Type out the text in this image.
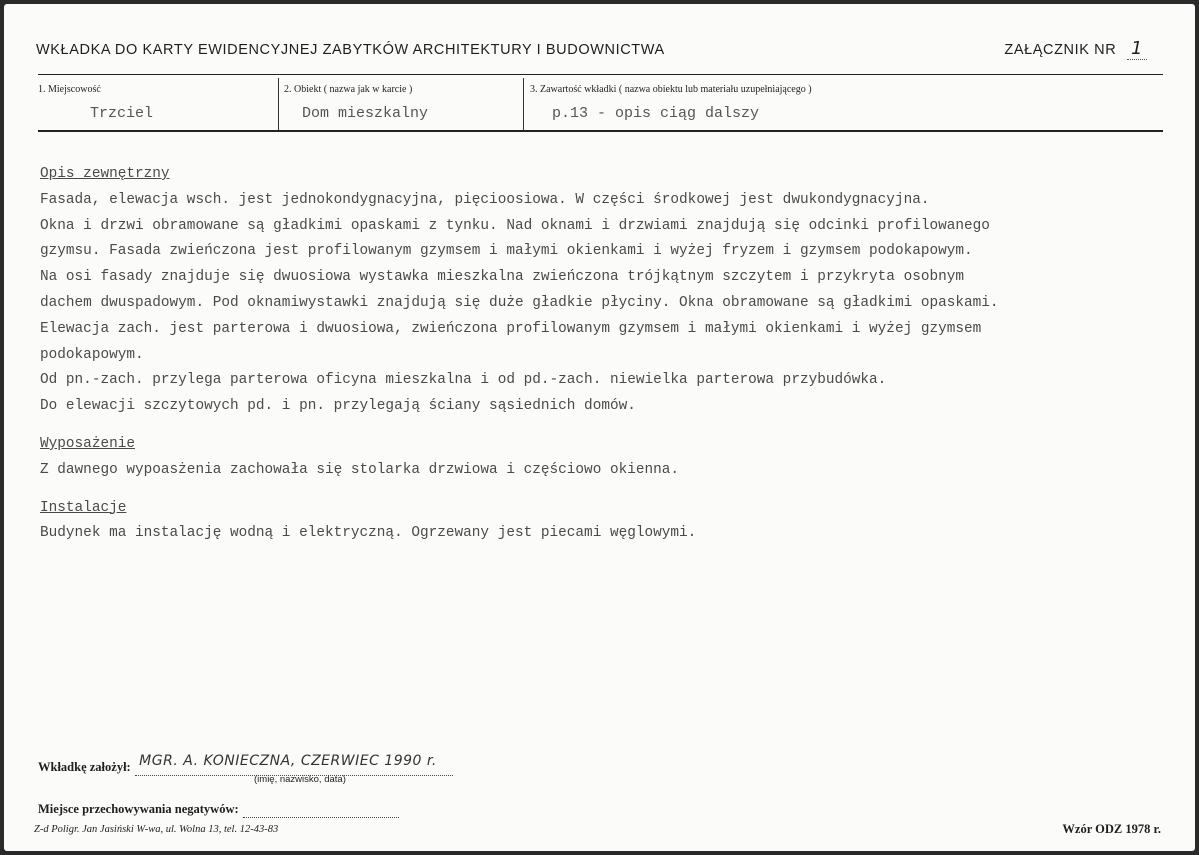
WKŁADKA DO KARTY EWIDENCYJNEJ ZABYTKÓW ARCHITEKTURY I BUDOWNICTWA	ZAŁĄCZNIK NR 1
1. Miejscowość
Trzciel
2. Obiekt ( nazwa jak w karcie )
Dom mieszkalny
3. Zawartość wkładki ( nazwa obiektu lub materiału uzupełniającego )
p.13 - opis ciąg dalszy
Opis zewnętrzny
Fasada, elewacja wsch. jest jednokondygnacyjna, pięcioosiowa. W części środkowej jest dwukondygnacyjna.
Okna i drzwi obramowane są gładkimi opaskami z tynku. Nad oknami i drzwiami znajdują się odcinki profilowanego
gzymsu. Fasada zwieńczona jest profilowanym gzymsem i małymi okienkami i wyżej fryzem i gzymsem podokapowym.
Na osi fasady znajduje się dwuosiowa wystawka mieszkalna zwieńczona trójkątnym szczytem i przykryta osobnym
dachem dwuspadowym. Pod oknamiwystawki znajdują się duże gładkie płyciny. Okna obramowane są gładkimi opaskami.
Elewacja zach. jest parterowa i dwuosiowa, zwieńczona profilowanym gzymsem i małymi okienkami i wyżej gzymsem
podokapowym.
Od pn.-zach. przylega parterowa oficyna mieszkalna i od pd.-zach. niewielka parterowa przybudówka.
Do elewacji szczytowych pd. i pn. przylegają ściany sąsiednich domów.
Wyposażenie
Z dawnego wypoasżenia zachowała się stolarka drzwiowa i częściowo okienna.
Instalacje
Budynek ma instalację wodną i elektryczną. Ogrzewany jest piecami węglowymi.
Wkładkę założył: MGR. A. KONIECZNA, CZERWIEC 1990 r.
(imię, nazwisko, data)
Miejsce przechowywania negatywów:
Z-d Poligr. Jan Jasiński W-wa, ul. Wolna 13, tel. 12-43-83	Wzór ODZ 1978 r.
